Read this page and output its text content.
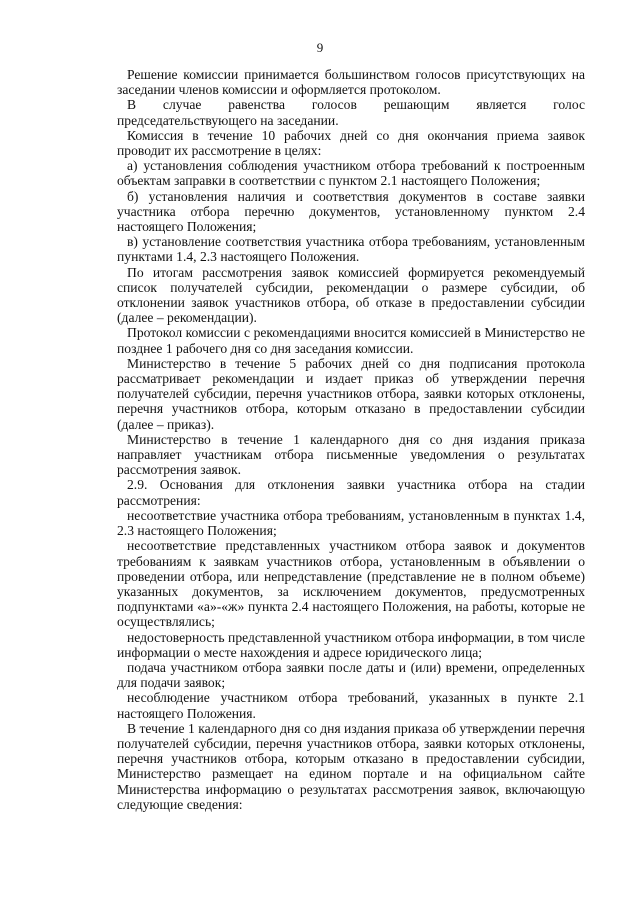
9

Решение комиссии принимается большинством голосов присутствующих на заседании членов комиссии и оформляется протоколом.

В случае равенства голосов решающим является голос председательствующего на заседании.

Комиссия в течение 10 рабочих дней со дня окончания приема заявок проводит их рассмотрение в целях:

а) установления соблюдения участником отбора требований к построенным объектам заправки в соответствии с пунктом 2.1 настоящего Положения;

б) установления наличия и соответствия документов в составе заявки участника отбора перечню документов, установленному пунктом 2.4 настоящего Положения;

в) установление соответствия участника отбора требованиям, установленным пунктами 1.4, 2.3 настоящего Положения.

По итогам рассмотрения заявок комиссией формируется рекомендуемый список получателей субсидии, рекомендации о размере субсидии, об отклонении заявок участников отбора, об отказе в предоставлении субсидии (далее – рекомендации).

Протокол комиссии с рекомендациями вносится комиссией в Министерство не позднее 1 рабочего дня со дня заседания комиссии.

Министерство в течение 5 рабочих дней со дня подписания протокола рассматривает рекомендации и издает приказ об утверждении перечня получателей субсидии, перечня участников отбора, заявки которых отклонены, перечня участников отбора, которым отказано в предоставлении субсидии (далее – приказ).

Министерство в течение 1 календарного дня со дня издания приказа направляет участникам отбора письменные уведомления о результатах рассмотрения заявок.

2.9. Основания для отклонения заявки участника отбора на стадии рассмотрения:

несоответствие участника отбора требованиям, установленным в пунктах 1.4, 2.3 настоящего Положения;

несоответствие представленных участником отбора заявок и документов требованиям к заявкам участников отбора, установленным в объявлении о проведении отбора, или непредставление (представление не в полном объеме) указанных документов, за исключением документов, предусмотренных подпунктами «а»-«ж» пункта 2.4 настоящего Положения, на работы, которые не осуществлялись;

недостоверность представленной участником отбора информации, в том числе информации о месте нахождения и адресе юридического лица;

подача участником отбора заявки после даты и (или) времени, определенных для подачи заявок;

несоблюдение участником отбора требований, указанных в пункте 2.1 настоящего Положения.

В течение 1 календарного дня со дня издания приказа об утверждении перечня получателей субсидии, перечня участников отбора, заявки которых отклонены, перечня участников отбора, которым отказано в предоставлении субсидии, Министерство размещает на едином портале и на официальном сайте Министерства информацию о результатах рассмотрения заявок, включающую следующие сведения:
